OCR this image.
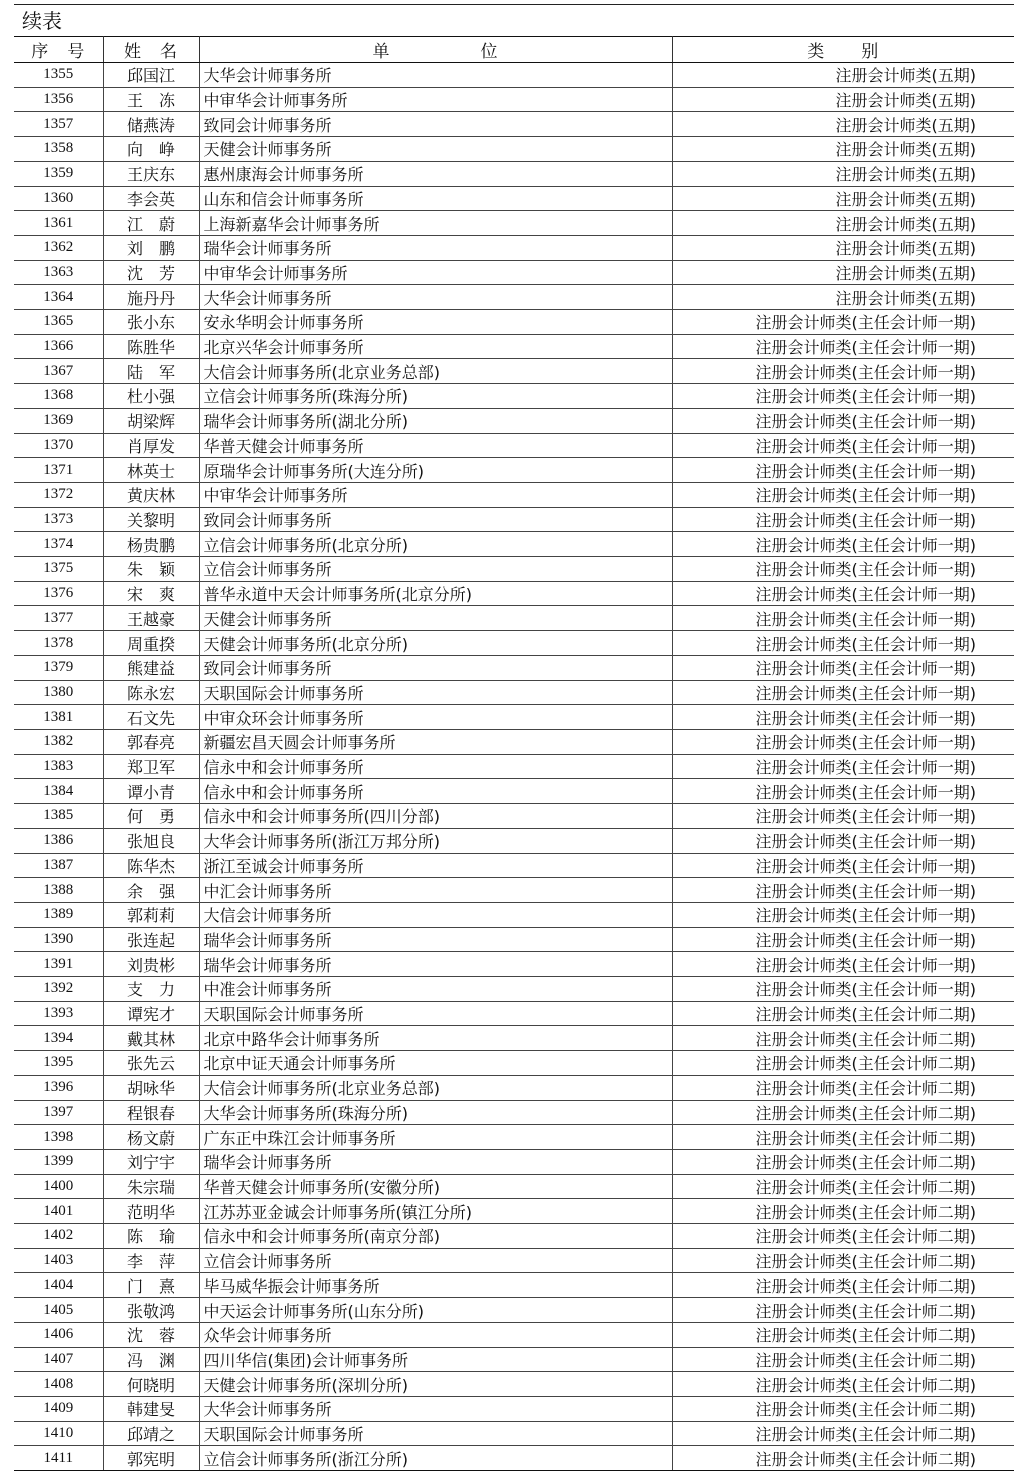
续表
序　号	姓　名	单　　　　　位	类　　别
1355	邱国江	大华会计师事务所	注册会计师类(五期)
1356	王　冻	中审华会计师事务所	注册会计师类(五期)
1357	储燕涛	致同会计师事务所	注册会计师类(五期)
1358	向　峥	天健会计师事务所	注册会计师类(五期)
1359	王庆东	惠州康海会计师事务所	注册会计师类(五期)
1360	李会英	山东和信会计师事务所	注册会计师类(五期)
1361	江　蔚	上海新嘉华会计师事务所	注册会计师类(五期)
1362	刘　鹏	瑞华会计师事务所	注册会计师类(五期)
1363	沈　芳	中审华会计师事务所	注册会计师类(五期)
1364	施丹丹	大华会计师事务所	注册会计师类(五期)
1365	张小东	安永华明会计师事务所	注册会计师类(主任会计师一期)
1366	陈胜华	北京兴华会计师事务所	注册会计师类(主任会计师一期)
1367	陆　军	大信会计师事务所(北京业务总部)	注册会计师类(主任会计师一期)
1368	杜小强	立信会计师事务所(珠海分所)	注册会计师类(主任会计师一期)
1369	胡梁辉	瑞华会计师事务所(湖北分所)	注册会计师类(主任会计师一期)
1370	肖厚发	华普天健会计师事务所	注册会计师类(主任会计师一期)
1371	林英士	原瑞华会计师事务所(大连分所)	注册会计师类(主任会计师一期)
1372	黄庆林	中审华会计师事务所	注册会计师类(主任会计师一期)
1373	关黎明	致同会计师事务所	注册会计师类(主任会计师一期)
1374	杨贵鹏	立信会计师事务所(北京分所)	注册会计师类(主任会计师一期)
1375	朱　颖	立信会计师事务所	注册会计师类(主任会计师一期)
1376	宋　爽	普华永道中天会计师事务所(北京分所)	注册会计师类(主任会计师一期)
1377	王越豪	天健会计师事务所	注册会计师类(主任会计师一期)
1378	周重揆	天健会计师事务所(北京分所)	注册会计师类(主任会计师一期)
1379	熊建益	致同会计师事务所	注册会计师类(主任会计师一期)
1380	陈永宏	天职国际会计师事务所	注册会计师类(主任会计师一期)
1381	石文先	中审众环会计师事务所	注册会计师类(主任会计师一期)
1382	郭春亮	新疆宏昌天圆会计师事务所	注册会计师类(主任会计师一期)
1383	郑卫军	信永中和会计师事务所	注册会计师类(主任会计师一期)
1384	谭小青	信永中和会计师事务所	注册会计师类(主任会计师一期)
1385	何　勇	信永中和会计师事务所(四川分部)	注册会计师类(主任会计师一期)
1386	张旭良	大华会计师事务所(浙江万邦分所)	注册会计师类(主任会计师一期)
1387	陈华杰	浙江至诚会计师事务所	注册会计师类(主任会计师一期)
1388	余　强	中汇会计师事务所	注册会计师类(主任会计师一期)
1389	郭莉莉	大信会计师事务所	注册会计师类(主任会计师一期)
1390	张连起	瑞华会计师事务所	注册会计师类(主任会计师一期)
1391	刘贵彬	瑞华会计师事务所	注册会计师类(主任会计师一期)
1392	支　力	中准会计师事务所	注册会计师类(主任会计师一期)
1393	谭宪才	天职国际会计师事务所	注册会计师类(主任会计师二期)
1394	戴其林	北京中路华会计师事务所	注册会计师类(主任会计师二期)
1395	张先云	北京中证天通会计师事务所	注册会计师类(主任会计师二期)
1396	胡咏华	大信会计师事务所(北京业务总部)	注册会计师类(主任会计师二期)
1397	程银春	大华会计师事务所(珠海分所)	注册会计师类(主任会计师二期)
1398	杨文蔚	广东正中珠江会计师事务所	注册会计师类(主任会计师二期)
1399	刘宁宇	瑞华会计师事务所	注册会计师类(主任会计师二期)
1400	朱宗瑞	华普天健会计师事务所(安徽分所)	注册会计师类(主任会计师二期)
1401	范明华	江苏苏亚金诚会计师事务所(镇江分所)	注册会计师类(主任会计师二期)
1402	陈　瑜	信永中和会计师事务所(南京分部)	注册会计师类(主任会计师二期)
1403	李　萍	立信会计师事务所	注册会计师类(主任会计师二期)
1404	门　熹	毕马威华振会计师事务所	注册会计师类(主任会计师二期)
1405	张敬鸿	中天运会计师事务所(山东分所)	注册会计师类(主任会计师二期)
1406	沈　蓉	众华会计师事务所	注册会计师类(主任会计师二期)
1407	冯　渊	四川华信(集团)会计师事务所	注册会计师类(主任会计师二期)
1408	何晓明	天健会计师事务所(深圳分所)	注册会计师类(主任会计师二期)
1409	韩建旻	大华会计师事务所	注册会计师类(主任会计师二期)
1410	邱靖之	天职国际会计师事务所	注册会计师类(主任会计师二期)
1411	郭宪明	立信会计师事务所(浙江分所)	注册会计师类(主任会计师二期)
